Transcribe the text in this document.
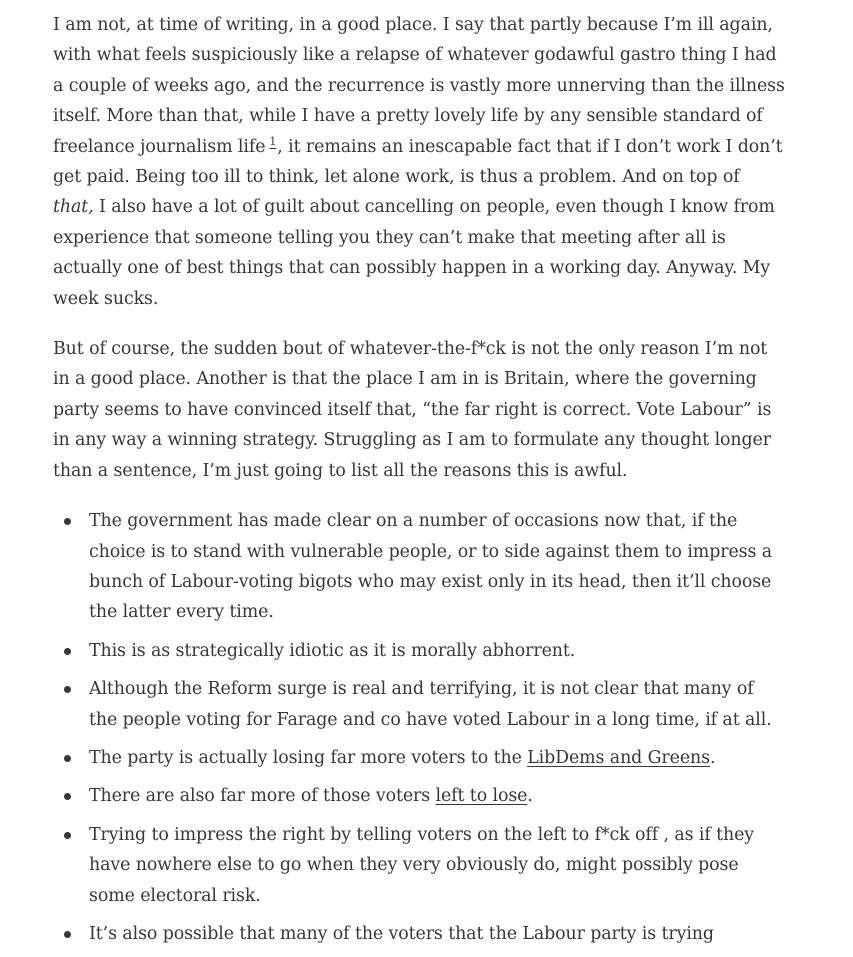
I am not, at time of writing, in a good place. I say that partly because I’m ill again, with what feels suspiciously like a relapse of whatever godawful gastro thing I had a couple of weeks ago, and the recurrence is vastly more unnerving than the illness itself. More than that, while I have a pretty lovely life by any sensible standard of freelance journalism life $^1$, it remains an inescapable fact that if I don’t work I don’t get paid. Being too ill to think, let alone work, is thus a problem. And on top of that, I also have a lot of guilt about cancelling on people, even though I know from experience that someone telling you they can’t make that meeting after all is actually one of best things that can possibly happen in a working day. Anyway. My week sucks.

But of course, the sudden bout of whatever-the-f*ck is not the only reason I’m not in a good place. Another is that the place I am in is Britain, where the governing party seems to have convinced itself that, “the far right is correct. Vote Labour” is in any way a winning strategy. Struggling as I am to formulate any thought longer than a sentence, I’m just going to list all the reasons this is awful.

The government has made clear on a number of occasions now that, if the choice is to stand with vulnerable people, or to side against them to impress a bunch of Labour-voting bigots who may exist only in its head, then it’ll choose the latter every time.
This is as strategically idiotic as it is morally abhorrent.
Although the Reform surge is real and terrifying, it is not clear that many of the people voting for Farage and co have voted Labour in a long time, if at all.
The party is actually losing far more voters to the LibDems and Greens.
There are also far more of those voters left to lose.
Trying to impress the right by telling voters on the left to f*ck off , as if they have nowhere else to go when they very obviously do, might possibly pose some electoral risk.
It’s also possible that many of the voters that the Labour party is trying
